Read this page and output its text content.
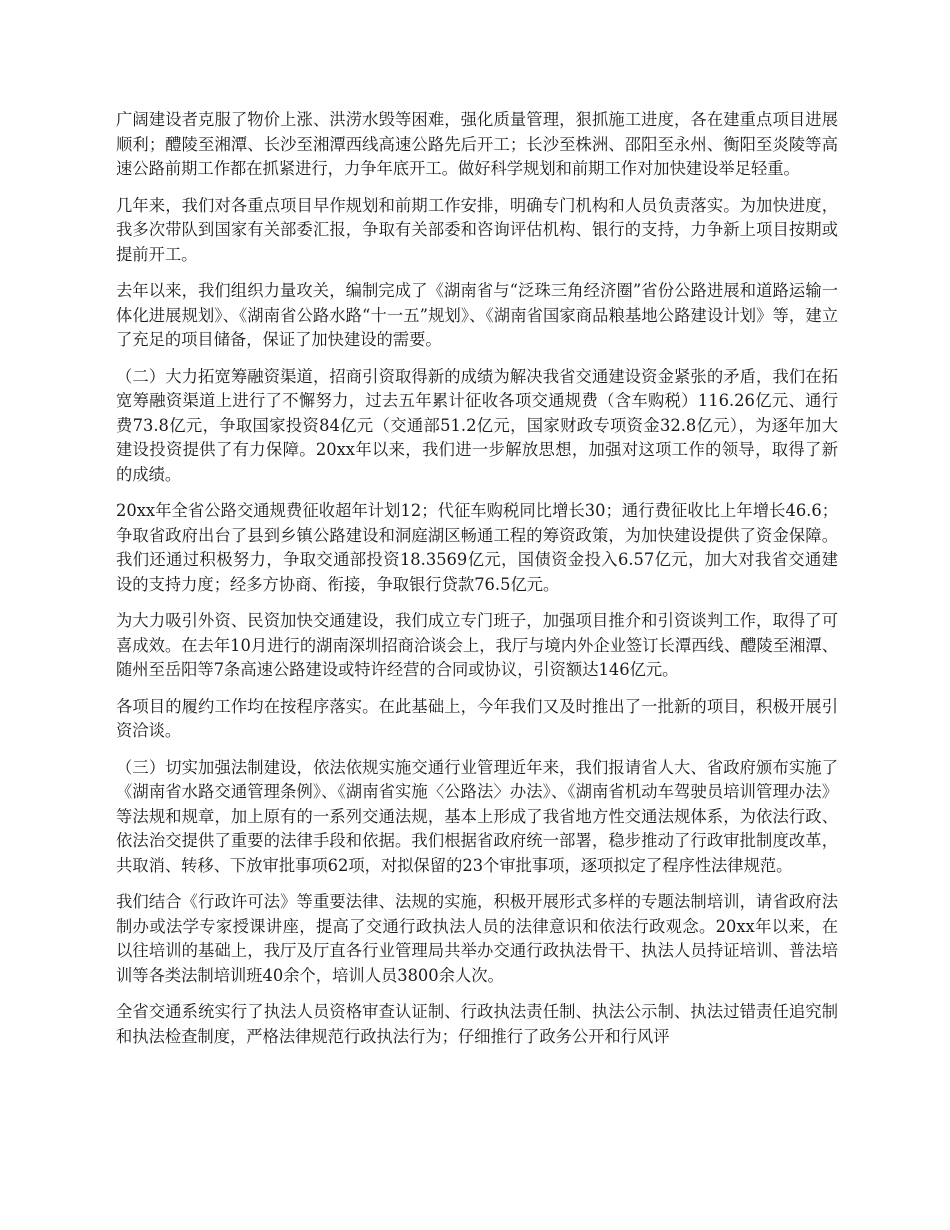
广阔建设者克服了物价上涨、洪涝水毁等困难，强化质量管理，狠抓施工进度，各在建重点项目进展顺利；醴陵至湘潭、长沙至湘潭西线高速公路先后开工；长沙至株洲、邵阳至永州、衡阳至炎陵等高速公路前期工作都在抓紧进行，力争年底开工。做好科学规划和前期工作对加快建设举足轻重。

几年来，我们对各重点项目早作规划和前期工作安排，明确专门机构和人员负责落实。为加快进度，我多次带队到国家有关部委汇报，争取有关部委和咨询评估机构、银行的支持，力争新上项目按期或提前开工。

去年以来，我们组织力量攻关，编制完成了《湖南省与“泛珠三角经济圈”省份公路进展和道路运输一体化进展规划》、《湖南省公路水路“十一五”规划》、《湖南省国家商品粮基地公路建设计划》等，建立了充足的项目储备，保证了加快建设的需要。

（二）大力拓宽筹融资渠道，招商引资取得新的成绩为解决我省交通建设资金紧张的矛盾，我们在拓宽筹融资渠道上进行了不懈努力，过去五年累计征收各项交通规费（含车购税）116.26亿元、通行费73.8亿元，争取国家投资84亿元（交通部51.2亿元，国家财政专项资金32.8亿元），为逐年加大建设投资提供了有力保障。20xx年以来，我们进一步解放思想，加强对这项工作的领导，取得了新的成绩。

20xx年全省公路交通规费征收超年计划12；代征车购税同比增长30；通行费征收比上年增长46.6；争取省政府出台了县到乡镇公路建设和洞庭湖区畅通工程的筹资政策，为加快建设提供了资金保障。我们还通过积极努力，争取交通部投资18.3569亿元，国债资金投入6.57亿元，加大对我省交通建设的支持力度；经多方协商、衔接，争取银行贷款76.5亿元。

为大力吸引外资、民资加快交通建设，我们成立专门班子，加强项目推介和引资谈判工作，取得了可喜成效。在去年10月进行的湖南深圳招商洽谈会上，我厅与境内外企业签订长潭西线、醴陵至湘潭、随州至岳阳等7条高速公路建设或特许经营的合同或协议，引资额达146亿元。

各项目的履约工作均在按程序落实。在此基础上，今年我们又及时推出了一批新的项目，积极开展引资洽谈。

（三）切实加强法制建设，依法依规实施交通行业管理近年来，我们报请省人大、省政府颁布实施了《湖南省水路交通管理条例》、《湖南省实施〈公路法〉办法》、《湖南省机动车驾驶员培训管理办法》等法规和规章，加上原有的一系列交通法规，基本上形成了我省地方性交通法规体系，为依法行政、依法治交提供了重要的法律手段和依据。我们根据省政府统一部署，稳步推动了行政审批制度改革，共取消、转移、下放审批事项62项，对拟保留的23个审批事项，逐项拟定了程序性法律规范。

我们结合《行政许可法》等重要法律、法规的实施，积极开展形式多样的专题法制培训，请省政府法制办或法学专家授课讲座，提高了交通行政执法人员的法律意识和依法行政观念。20xx年以来，在以往培训的基础上，我厅及厅直各行业管理局共举办交通行政执法骨干、执法人员持证培训、普法培训等各类法制培训班40余个，培训人员3800余人次。

全省交通系统实行了执法人员资格审查认证制、行政执法责任制、执法公示制、执法过错责任追究制和执法检查制度，严格法律规范行政执法行为；仔细推行了政务公开和行风评
